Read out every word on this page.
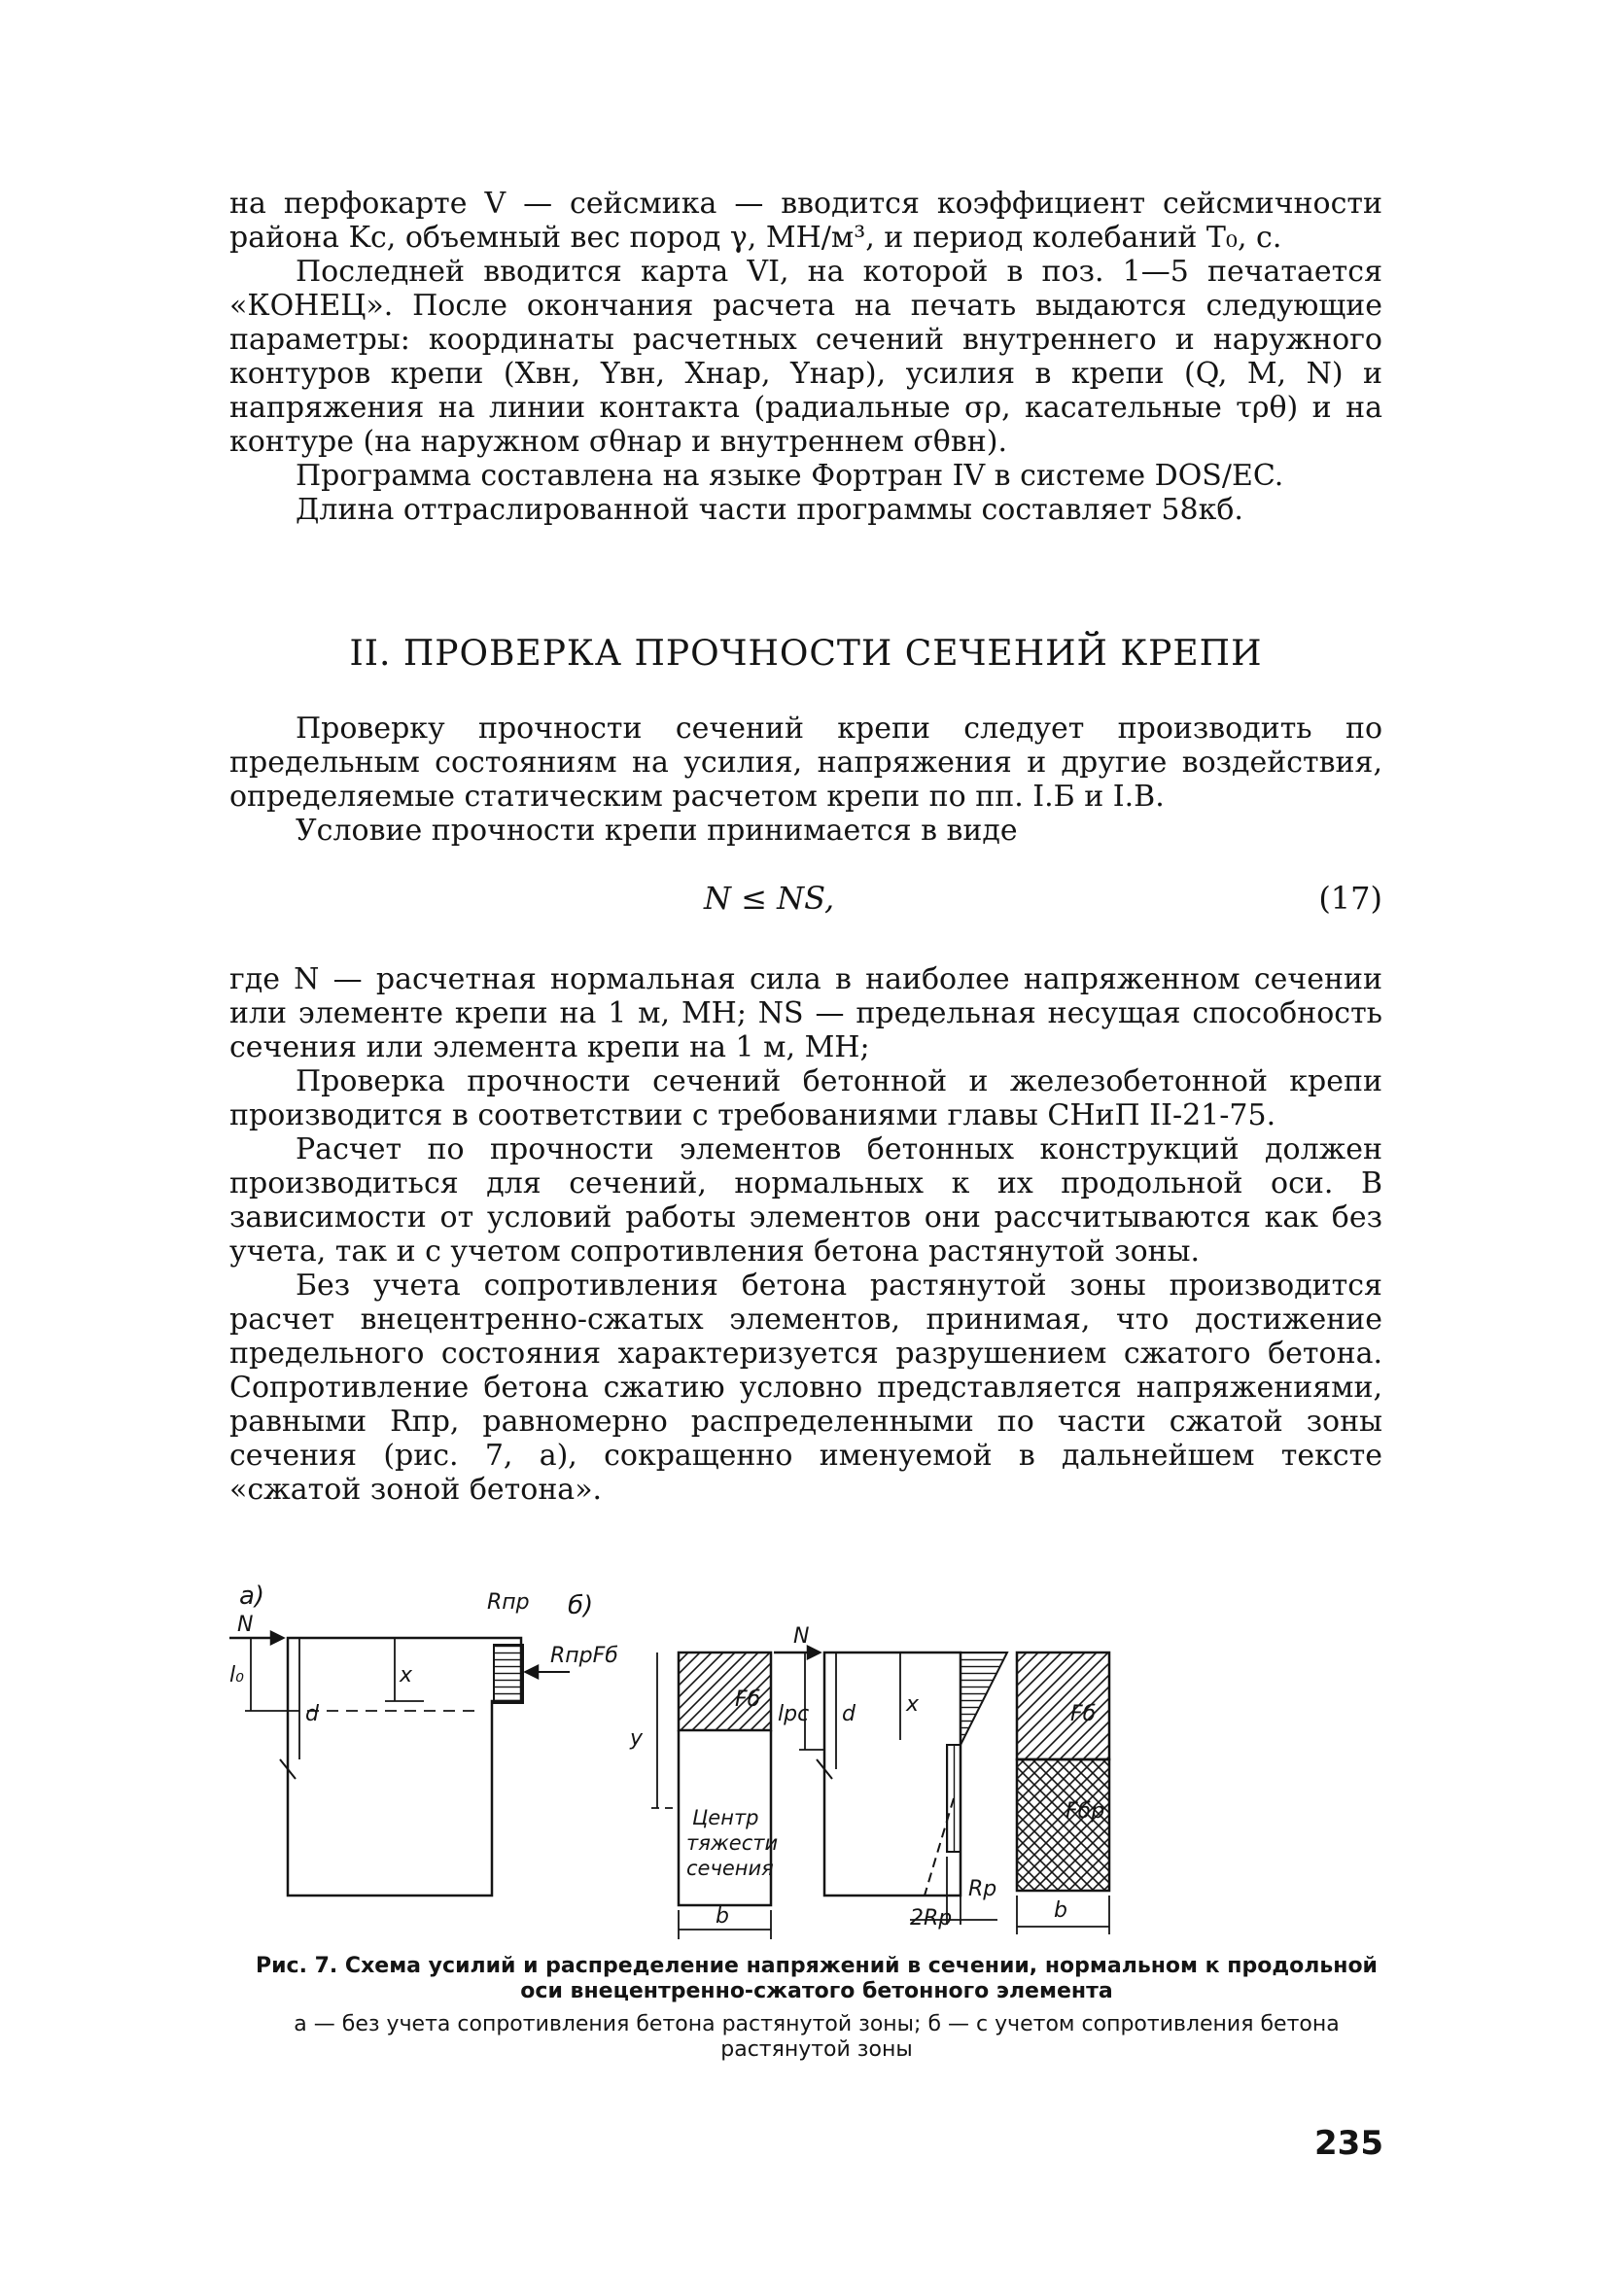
на перфокарте V — сейсмика — вводится коэффициент сейсмичности района Kc, объемный вес пород γ, МН/м³, и период колебаний T₀, с.

Последней вводится карта VI, на которой в поз. 1—5 печатается «КОНЕЦ». После окончания расчета на печать выдаются следующие параметры: координаты расчетных сечений внутреннего и наружного контуров крепи (Xвн, Yвн, Xнар, Yнар), усилия в крепи (Q, M, N) и напряжения на линии контакта (радиальные σρ, касательные τρθ) и на контуре (на наружном σθнар и внутреннем σθвн).

Программа составлена на языке Фортран IV в системе DOS/EC.

Длина оттраслированной части программы составляет 58кб.

II. ПРОВЕРКА ПРОЧНОСТИ СЕЧЕНИЙ КРЕПИ

Проверку прочности сечений крепи следует производить по предельным состояниям на усилия, напряжения и другие воздействия, определяемые статическим расчетом крепи по пп. I.Б и I.В.

Условие прочности крепи принимается в виде

N ≤ NS,	(17)

где N — расчетная нормальная сила в наиболее напряженном сечении или элементе крепи на 1 м, МН; NS — предельная несущая способность сечения или элемента крепи на 1 м, МН;

Проверка прочности сечений бетонной и железобетонной крепи производится в соответствии с требованиями главы СНиП II-21-75.

Расчет по прочности элементов бетонных конструкций должен производиться для сечений, нормальных к их продольной оси. В зависимости от условий работы элементов они рассчитываются как без учета, так и с учетом сопротивления бетона растянутой зоны.

Без учета сопротивления бетона растянутой зоны производится расчет внецентренно-сжатых элементов, принимая, что достижение предельного состояния характеризуется разрушением сжатого бетона. Сопротивление бетона сжатию условно представляется напряжениями, равными Rпр, равномерно распределенными по части сжатой зоны сечения (рис. 7, а), сокращенно именуемой в дальнейшем тексте «сжатой зоной бетона».

а)
N
l₀
d
x
Rпр
RпрFб
Fб
y
Центр
тяжести
сечения
b
б)
N
lрс d x
Rр
2Rр
Fб
Fбр
b

Рис. 7. Схема усилий и распределение напряжений в сечении, нормальном к продольной оси внецентренно-сжатого бетонного элемента

а — без учета сопротивления бетона растянутой зоны; б — с учетом сопротивления бетона растянутой зоны

235
